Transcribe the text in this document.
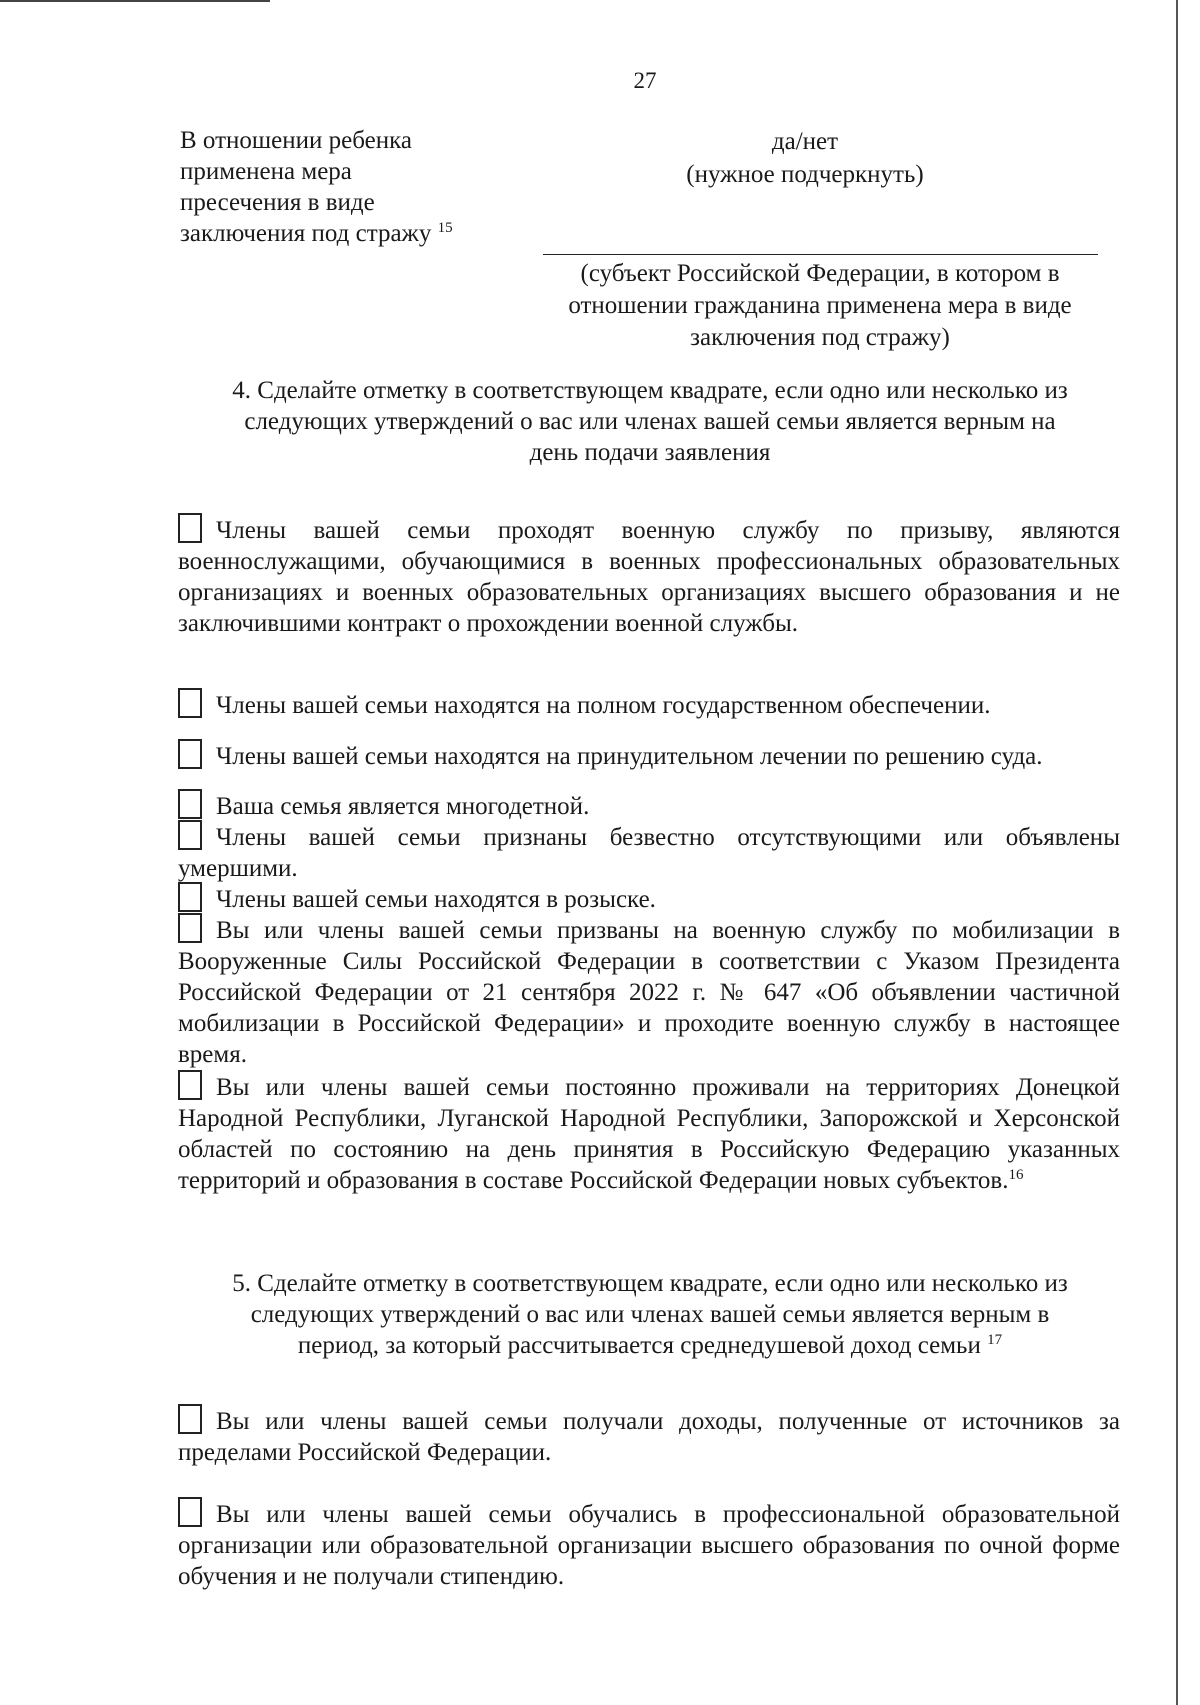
27
В отношении ребенка
применена мера
пресечения в виде
заключения под стражу $^{15}$
да/нет
(нужное подчеркнуть)
(субъект Российской Федерации, в котором в
отношении гражданина применена мера в виде
заключения под стражу)
4. Сделайте отметку в соответствующем квадрате, если одно или несколько из
следующих утверждений о вас или членах вашей семьи является верным на
день подачи заявления
Члены вашей семьи проходят военную службу по призыву, являются военнослужащими, обучающимися в военных профессиональных образовательных организациях и военных образовательных организациях высшего образования и не заключившими контракт о прохождении военной службы.
Члены вашей семьи находятся на полном государственном обеспечении.
Члены вашей семьи находятся на принудительном лечении по решению суда.
Ваша семья является многодетной.
Члены вашей семьи признаны безвестно отсутствующими или объявлены умершими.
Члены вашей семьи находятся в розыске.
Вы или члены вашей семьи призваны на военную службу по мобилизации в Вооруженные Силы Российской Федерации в соответствии с Указом Президента Российской Федерации от 21 сентября 2022 г. № 647 «Об объявлении частичной мобилизации в Российской Федерации» и проходите военную службу в настоящее время.
Вы или члены вашей семьи постоянно проживали на территориях Донецкой Народной Республики, Луганской Народной Республики, Запорожской и Херсонской областей по состоянию на день принятия в Российскую Федерацию указанных территорий и образования в составе Российской Федерации новых субъектов.$^{16}$
5. Сделайте отметку в соответствующем квадрате, если одно или несколько из
следующих утверждений о вас или членах вашей семьи является верным в
период, за который рассчитывается среднедушевой доход семьи $^{17}$
Вы или члены вашей семьи получали доходы, полученные от источников за пределами Российской Федерации.
Вы или члены вашей семьи обучались в профессиональной образовательной организации или образовательной организации высшего образования по очной форме обучения и не получали стипендию.
